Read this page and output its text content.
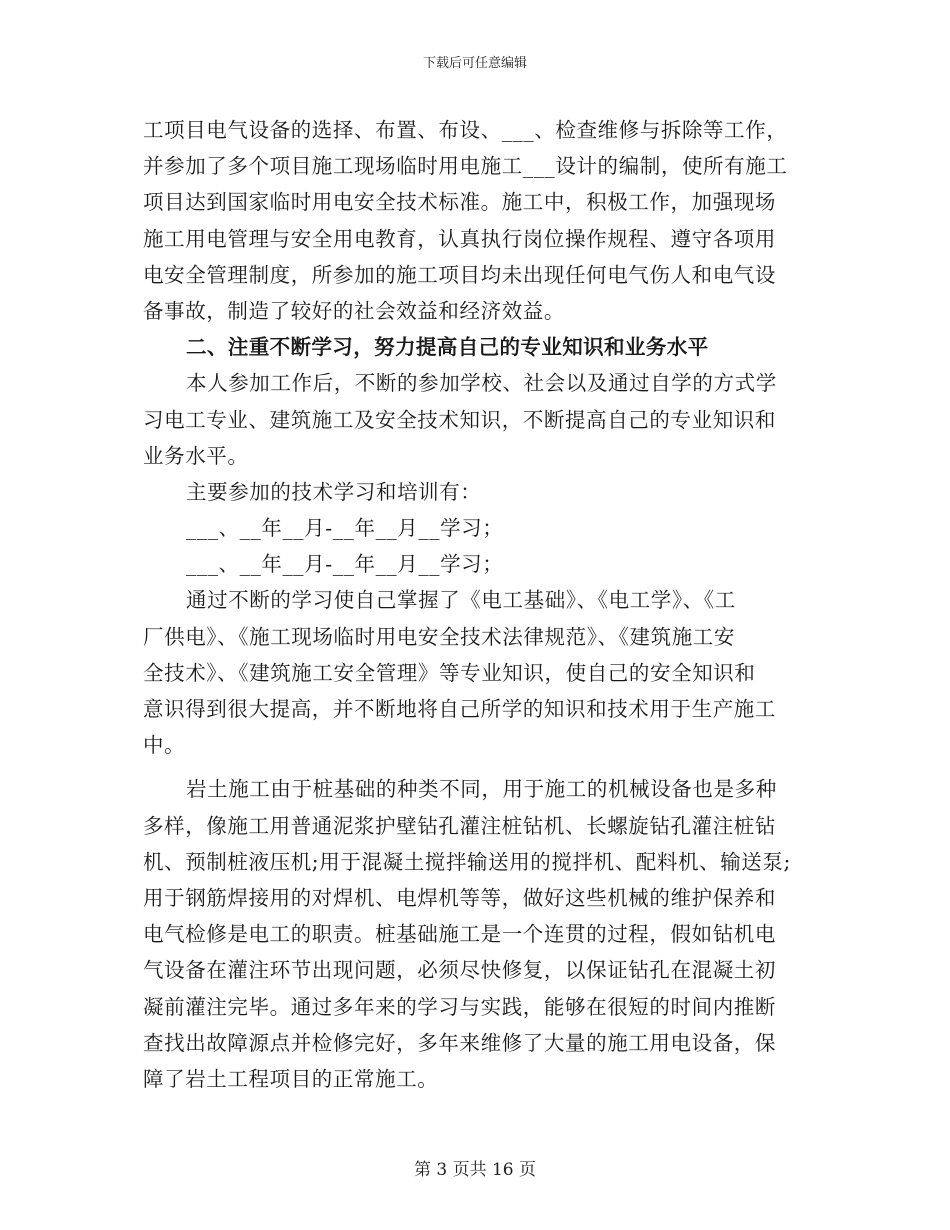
下载后可任意编辑
工项目电气设备的选择、布置、布设、___、检查维修与拆除等工作，
并参加了多个项目施工现场临时用电施工___设计的编制，使所有施工
项目达到国家临时用电安全技术标准。施工中，积极工作，加强现场
施工用电管理与安全用电教育，认真执行岗位操作规程、遵守各项用
电安全管理制度，所参加的施工项目均未出现任何电气伤人和电气设
备事故，制造了较好的社会效益和经济效益。
二、注重不断学习，努力提高自己的专业知识和业务水平
本人参加工作后，不断的参加学校、社会以及通过自学的方式学
习电工专业、建筑施工及安全技术知识，不断提高自己的专业知识和
业务水平。
主要参加的技术学习和培训有：
___、__年__月-__年__月__学习；
___、__年__月-__年__月__学习；
通过不断的学习使自己掌握了《电工基础》、《电工学》、《工
厂供电》、《施工现场临时用电安全技术法律规范》、《建筑施工安
全技术》、《建筑施工安全管理》等专业知识，使自己的安全知识和
意识得到很大提高，并不断地将自己所学的知识和技术用于生产施工
中。
岩土施工由于桩基础的种类不同，用于施工的机械设备也是多种
多样，像施工用普通泥浆护壁钻孔灌注桩钻机、长螺旋钻孔灌注桩钻
机、预制桩液压机;用于混凝土搅拌输送用的搅拌机、配料机、输送泵;
用于钢筋焊接用的对焊机、电焊机等等，做好这些机械的维护保养和
电气检修是电工的职责。桩基础施工是一个连贯的过程，假如钻机电
气设备在灌注环节出现问题，必须尽快修复，以保证钻孔在混凝土初
凝前灌注完毕。通过多年来的学习与实践，能够在很短的时间内推断
查找出故障源点并检修完好，多年来维修了大量的施工用电设备，保
障了岩土工程项目的正常施工。
第 3 页共 16 页
